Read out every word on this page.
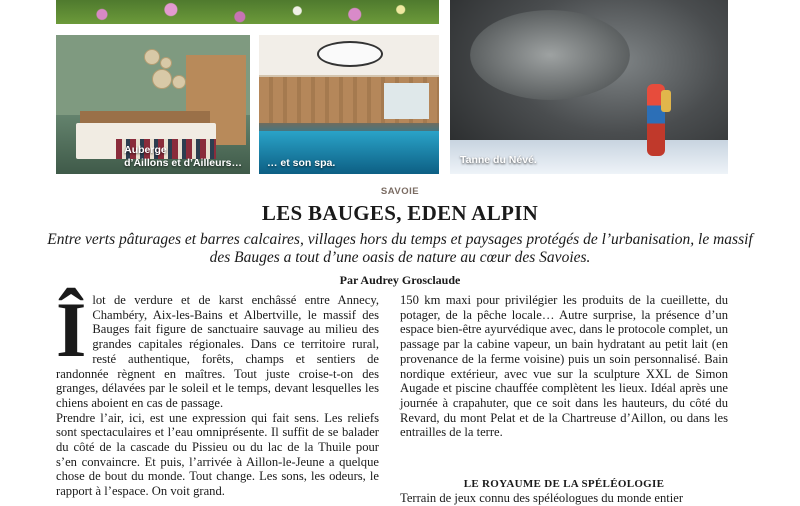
Auberge
d’Aillons et d’Ailleurs… … et son spa.	Tanne du Névé.
SAVOIE
LES BAUGES, EDEN ALPIN

Entre verts pâturages et barres calcaires, villages hors du temps et paysages protégés de l’urbanisation, le massif des Bauges a tout d’une oasis de nature au cœur des Savoies.

Par Audrey Grosclaude

Î lot de verdure et de karst enchâssé entre Annecy, Chambéry, Aix-les-Bains et Albertville, le massif des Bauges fait figure de sanctuaire sauvage au milieu des grandes capitales régionales. Dans ce territoire rural, resté authentique, forêts, champs et sentiers de randonnée règnent en maîtres. Tout juste croise-t-on des granges, délavées par le soleil et le temps, devant lesquelles les chiens aboient en cas de passage.

Prendre l’air, ici, est une expression qui fait sens. Les reliefs sont spectaculaires et l’eau omniprésente. Il suffit de se balader du côté de la cascade du Pissieu ou du lac de la Thuile pour s’en convaincre. Et puis, l’arrivée à Aillon-le-Jeune a quelque chose de bout du monde. Tout change. Les sons, les odeurs, le rapport à l’espace. On voit grand.

150 km maxi pour privilégier les produits de la cueillette, du potager, de la pêche locale… Autre surprise, la présence d’un espace bien-être ayurvédique avec, dans le protocole complet, un passage par la cabine vapeur, un bain hydratant au petit lait (en provenance de la ferme voisine) puis un soin personnalisé. Bain nordique extérieur, avec vue sur la sculpture XXL de Simon Augade et piscine chauffée complètent les lieux. Idéal après une journée à crapahuter, que ce soit dans les hauteurs, du côté du Revard, du mont Pelat et de la Chartreuse d’Aillon, ou dans les entrailles de la terre.

LE ROYAUME DE LA SPÉLÉOLOGIE

Terrain de jeux connu des spéléologues du monde entier
